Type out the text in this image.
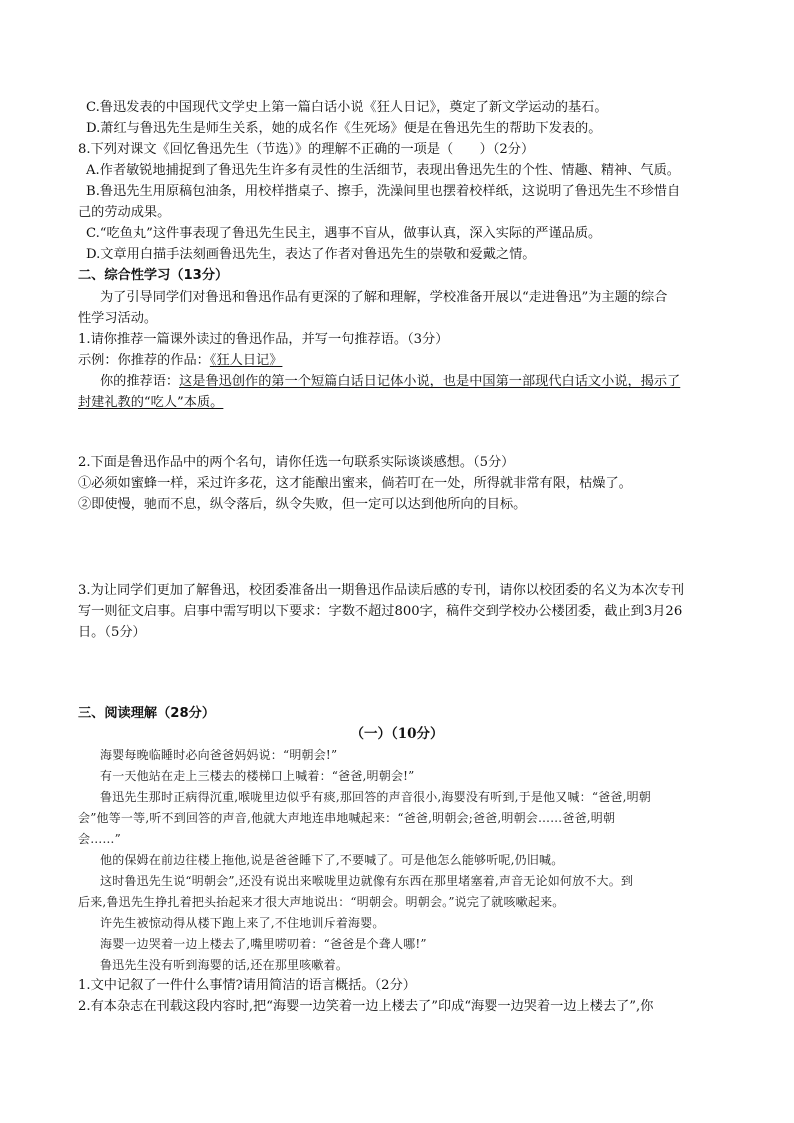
C.鲁迅发表的中国现代文学史上第一篇白话小说《狂人日记》，奠定了新文学运动的基石。
D.萧红与鲁迅先生是师生关系，她的成名作《生死场》便是在鲁迅先生的帮助下发表的。
8.下列对课文《回忆鲁迅先生（节选）》的理解不正确的一项是（　　）（2分）
A.作者敏锐地捕捉到了鲁迅先生许多有灵性的生活细节，表现出鲁迅先生的个性、情趣、精神、气质。
B.鲁迅先生用原稿包油条，用校样揩桌子、擦手，洗澡间里也摆着校样纸，这说明了鲁迅先生不珍惜自
己的劳动成果。
C.“吃鱼丸”这件事表现了鲁迅先生民主，遇事不盲从，做事认真，深入实际的严谨品质。
D.文章用白描手法刻画鲁迅先生，表达了作者对鲁迅先生的崇敬和爱戴之情。
二、综合性学习（13分）
为了引导同学们对鲁迅和鲁迅作品有更深的了解和理解，学校准备开展以“走进鲁迅”为主题的综合
性学习活动。
1.请你推荐一篇课外读过的鲁迅作品，并写一句推荐语。（3分）
示例：你推荐的作品：《狂人日记》
你的推荐语：这是鲁迅创作的第一个短篇白话日记体小说，也是中国第一部现代白话文小说，揭示了
封建礼教的“吃人”本质。
2.下面是鲁迅作品中的两个名句，请你任选一句联系实际谈谈感想。（5分）
①必须如蜜蜂一样，采过许多花，这才能酿出蜜来，倘若叮在一处，所得就非常有限，枯燥了。
②即使慢，驰而不息，纵令落后，纵令失败，但一定可以达到他所向的目标。
3.为让同学们更加了解鲁迅，校团委准备出一期鲁迅作品读后感的专刊，请你以校团委的名义为本次专刊
写一则征文启事。启事中需写明以下要求：字数不超过800字，稿件交到学校办公楼团委，截止到3月26
日。（5分）
三、阅读理解（28分）
（一）（10分）
海婴每晚临睡时必向爸爸妈妈说：“明朝会!”
有一天他站在走上三楼去的楼梯口上喊着：“爸爸,明朝会!”
鲁迅先生那时正病得沉重,喉咙里边似乎有痰,那回答的声音很小,海婴没有听到,于是他又喊：“爸爸,明朝
会”他等一等,听不到回答的声音,他就大声地连串地喊起来：“爸爸,明朝会;爸爸,明朝会……爸爸,明朝
会……”
他的保姆在前边往楼上拖他,说是爸爸睡下了,不要喊了。可是他怎么能够听呢,仍旧喊。
这时鲁迅先生说“明朝会”,还没有说出来喉咙里边就像有东西在那里堵塞着,声音无论如何放不大。到
后来,鲁迅先生挣扎着把头抬起来才很大声地说出：“明朝会。明朝会。”说完了就咳嗽起来。
许先生被惊动得从楼下跑上来了,不住地训斥着海婴。
海婴一边哭着一边上楼去了,嘴里唠叨着：“爸爸是个聋人哪!”
鲁迅先生没有听到海婴的话,还在那里咳嗽着。
1.文中记叙了一件什么事情?请用简洁的语言概括。（2分）
2.有本杂志在刊载这段内容时,把“海婴一边笑着一边上楼去了”印成“海婴一边哭着一边上楼去了”,你
